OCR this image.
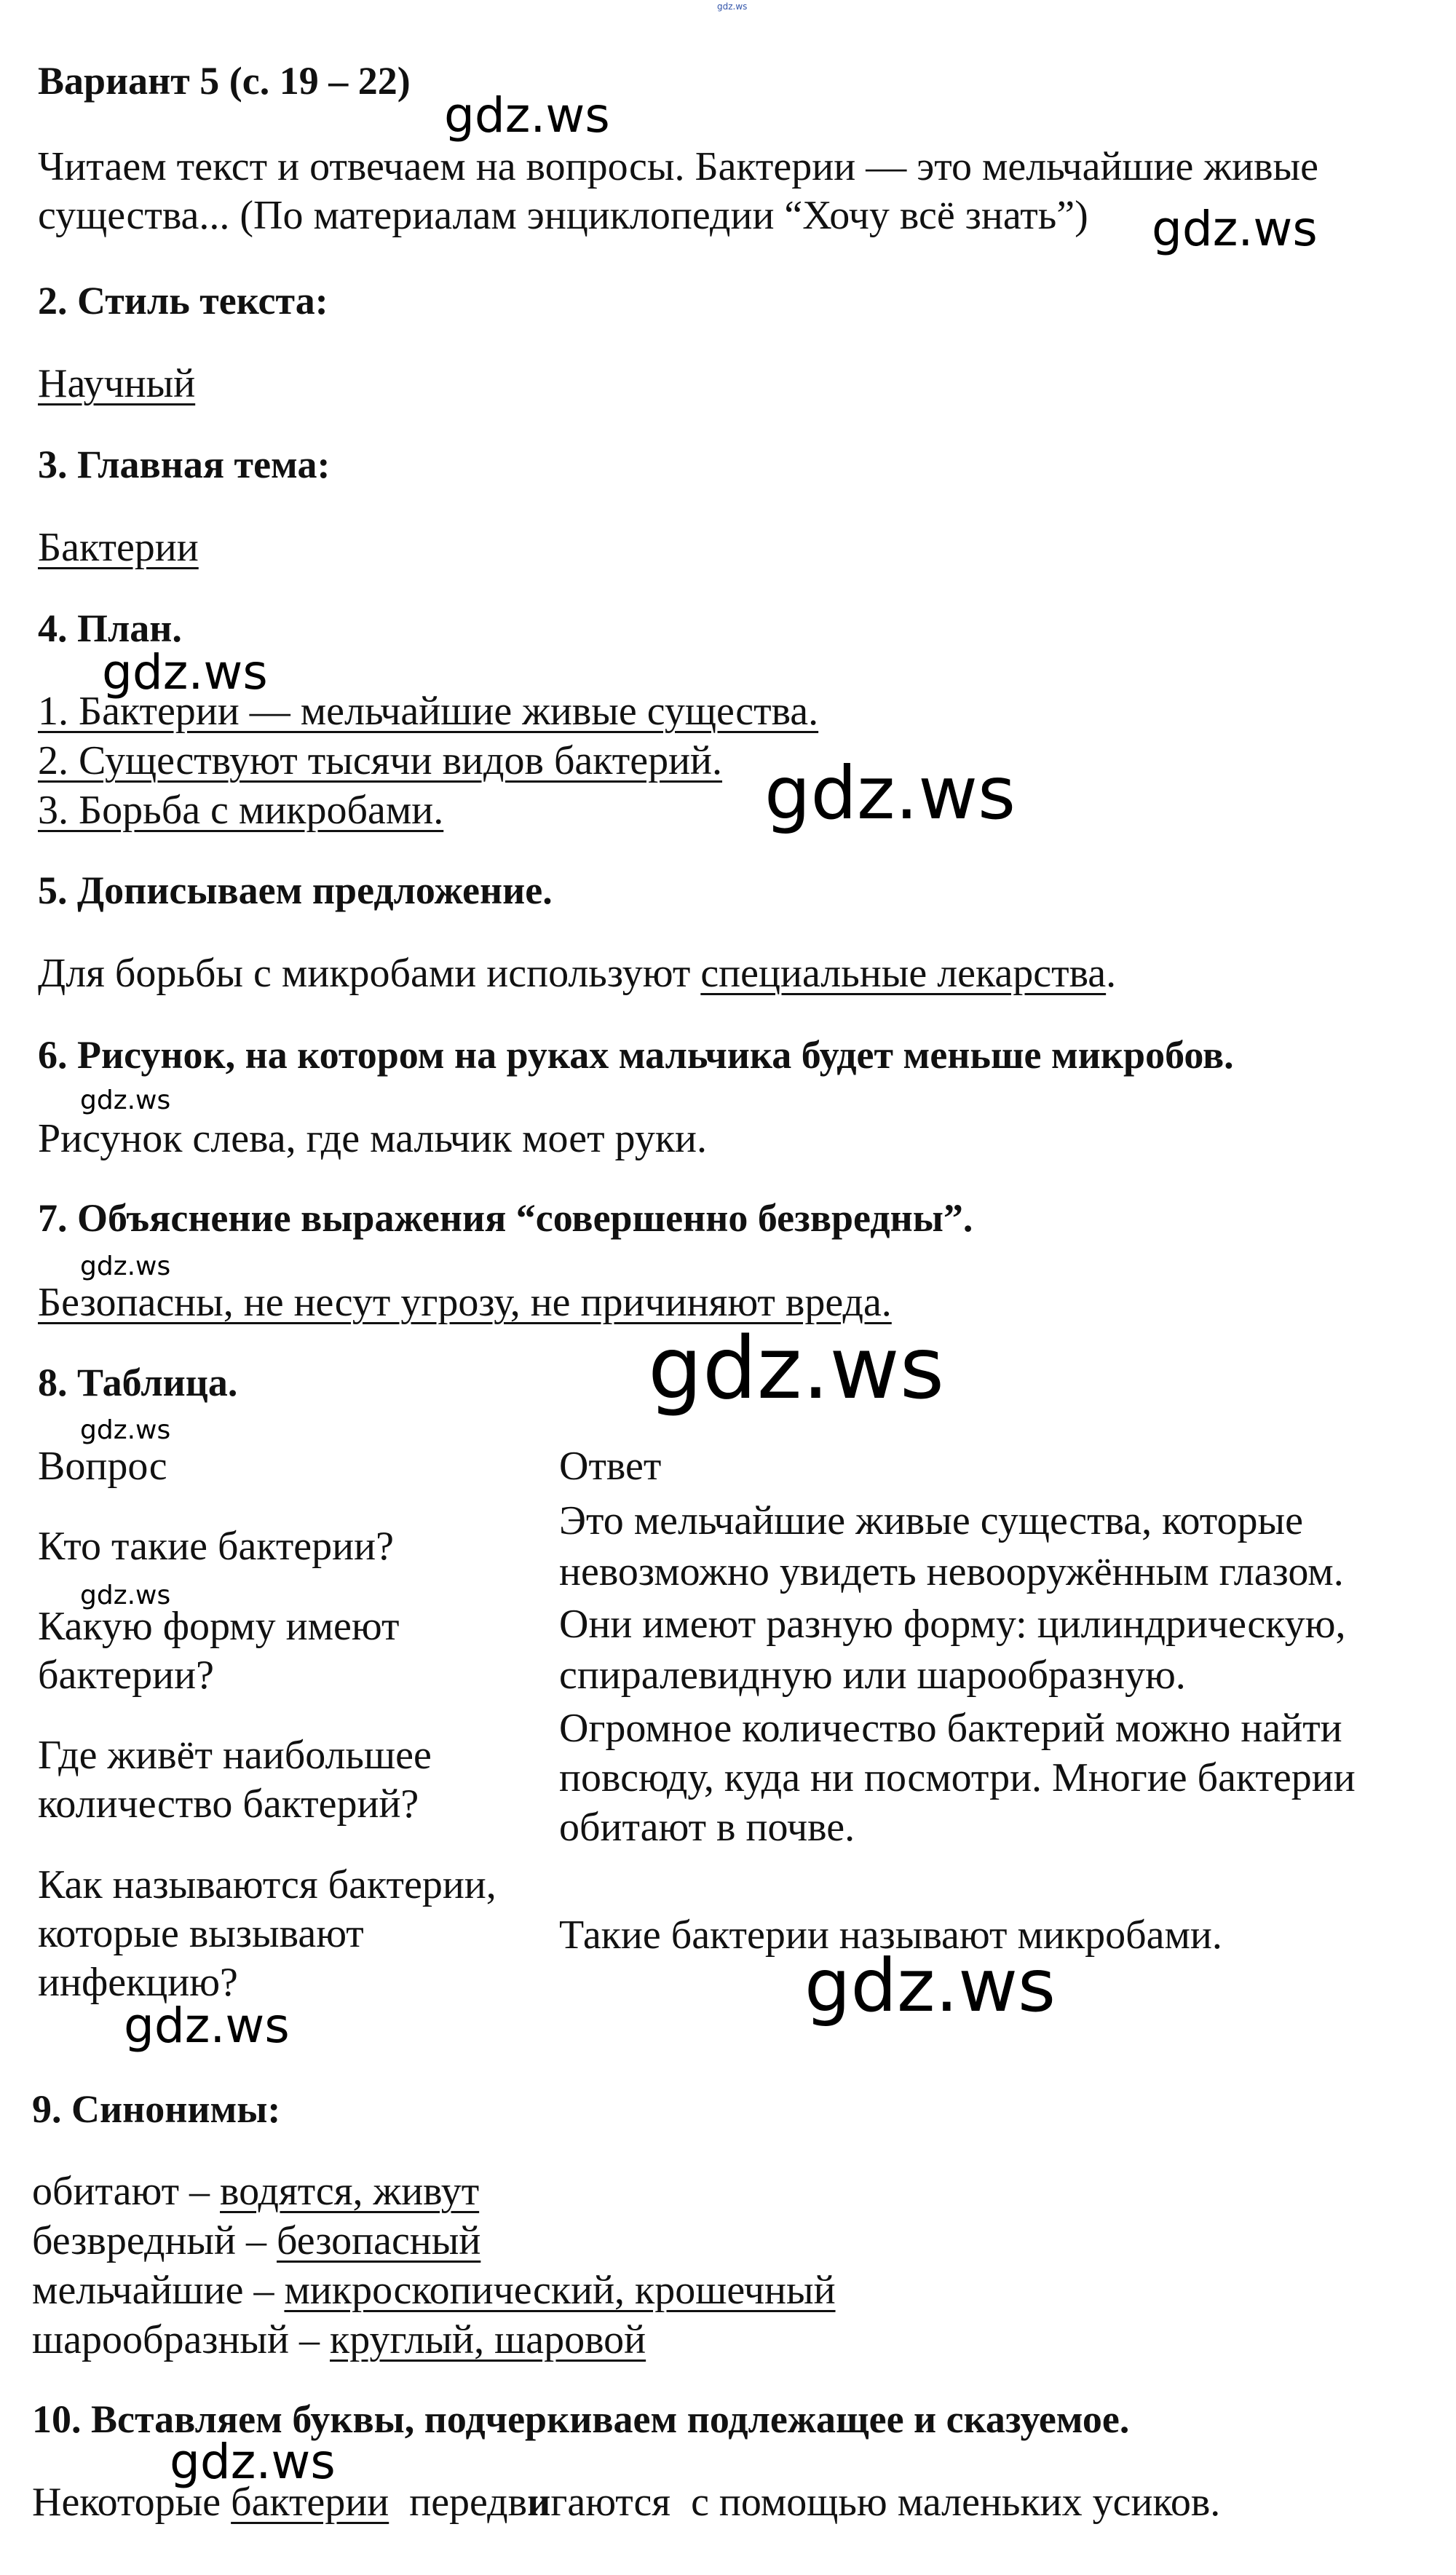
gdz.ws
Вариант 5 (с. 19 – 22)
Читаем текст и отвечаем на вопросы. Бактерии — это мельчайшие живые
существа... (По материалам энциклопедии “Хочу всё знать”)
2. Стиль текста:
Научный
3. Главная тема:
Бактерии
4. План.
1. Бактерии — мельчайшие живые существа.
2. Существуют тысячи видов бактерий.
3. Борьба с микробами.
5. Дописываем предложение.
Для борьбы с микробами используют специальные лекарства.
6. Рисунок, на котором на руках мальчика будет меньше микробов.
Рисунок слева, где мальчик моет руки.
7. Объяснение выражения “совершенно безвредны”.
Безопасны, не несут угрозу, не причиняют вреда.
8. Таблица.
Вопрос	Ответ
Кто такие бактерии?
Это мельчайшие живые существа, которые
невозможно увидеть невооружённым глазом.
Какую форму имеют
бактерии?
Они имеют разную форму: цилиндрическую,
спиралевидную или шарообразную.
Где живёт наибольшее
количество бактерий?
Огромное количество бактерий можно найти
повсюду, куда ни посмотри. Многие бактерии
обитают в почве.
Как называются бактерии,
которые вызывают
инфекцию?
Такие бактерии называют микробами.
9. Синонимы:
обитают – водятся, живут
безвредный – безопасный
мельчайшие – микроскопический, крошечный
шарообразный – круглый, шаровой
10. Вставляем буквы, подчеркиваем подлежащее и сказуемое.
Некоторые бактерии  передвигаются  с помощью маленьких усиков.
gdz.ws
gdz.ws
gdz.ws
gdz.ws
gdz.ws
gdz.ws
gdz.ws
gdz.ws
gdz.ws
gdz.ws
gdz.ws
gdz.ws
